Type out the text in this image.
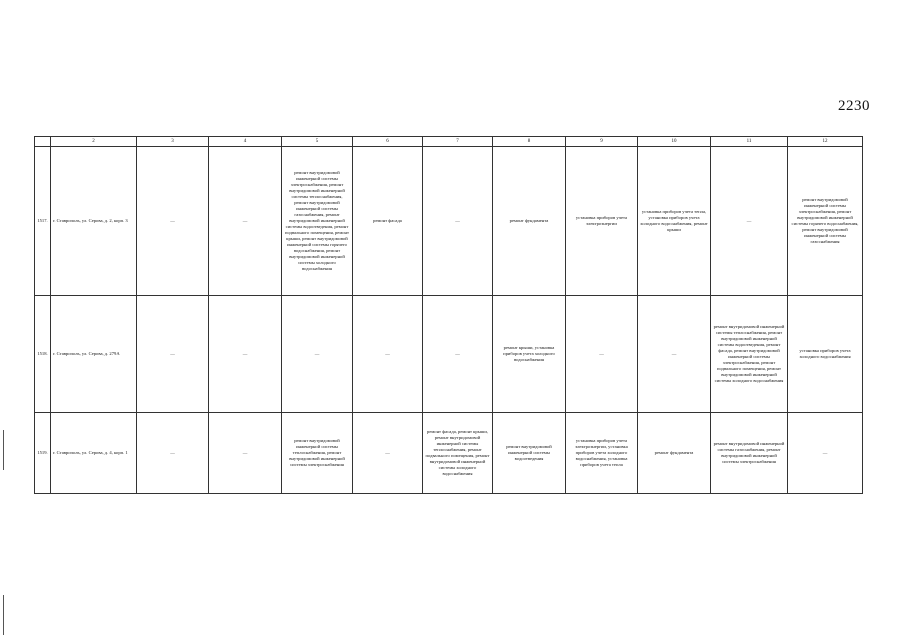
2230
	2	3	4	5	6	7	8	9	10	11	12
1517.	г. Ставрополь, ул. Серова, д. 2, корп. 3	—	—	ремонт внутридомовой инженерной системы электроснабжения, ремонт внутридомовой инженерной системы теплоснабжения, ремонт внутридомовой инженерной системы газоснабжения, ремонт внутридомовой инженерной системы водоотведения, ремонт подвального помещения, ремонт крыши, ремонт внутридомовой инженерной системы горячего водоснабжения, ремонт внутридомовой инженерной системы холодного водоснабжения	ремонт фасада	—	ремонт фундамента	установка приборов учета электроэнергии	установка приборов учета тепла, установка приборов учета холодного водоснабжения, ремонт крыши	—	ремонт внутридомовой инженерной системы электроснабжения, ремонт внутридомовой инженерной системы горячего водоснабжения, ремонт внутридомовой инженерной системы газоснабжения
1518.	г. Ставрополь, ул. Серова, д. 279А	—	—	—	—	—	ремонт крыши, установка приборов учета холодного водоснабжения	—	—	ремонт внутридомовой инженерной системы теплоснабжения, ремонт внутридомовой инженерной системы водоотведения, ремонт фасада, ремонт внутридомовой инженерной системы электроснабжения, ремонт подвального помещения, ремонт внутридомовой инженерной системы холодного водоснабжения	установка приборов учета холодного водоснабжения
1519.	г. Ставрополь, ул. Серова, д. 4, корп. 1	—	—	ремонт внутридомовой инженерной системы теплоснабжения, ремонт внутридомовой инженерной системы электроснабжения	—	ремонт фасада, ремонт крыши, ремонт внутридомовой инженерной системы теплоснабжения, ремонт подвального помещения, ремонт внутридомовой инженерной системы холодного водоснабжения	ремонт внутридомовой инженерной системы водоотведения	установка приборов учета электроэнергии, установка приборов учета холодного водоснабжения, установка приборов учета тепла	ремонт фундамента	ремонт внутридомовой инженерной системы газоснабжения, ремонт внутридомовой инженерной системы электроснабжения	—
